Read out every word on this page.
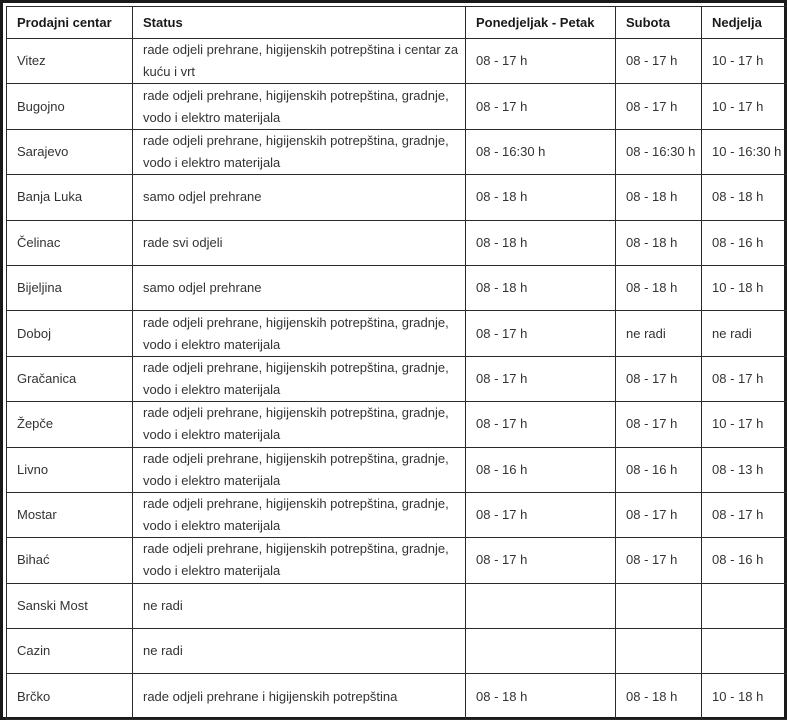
Prodajni centar	Status	Ponedjeljak - Petak	Subota	Nedjelja
Vitez	rade odjeli prehrane, higijenskih potrepština i centar za kuću i vrt	08 - 17 h	08 - 17 h	10 - 17 h
Bugojno	rade odjeli prehrane, higijenskih potrepština, gradnje, vodo i elektro materijala	08 - 17 h	08 - 17 h	10 - 17 h
Sarajevo	rade odjeli prehrane, higijenskih potrepština, gradnje, vodo i elektro materijala	08 - 16:30 h	08 - 16:30 h	10 - 16:30 h
Banja Luka	samo odjel prehrane	08 - 18 h	08 - 18 h	08 - 18 h
Čelinac	rade svi odjeli	08 - 18 h	08 - 18 h	08 - 16 h
Bijeljina	samo odjel prehrane	08 - 18 h	08 - 18 h	10 - 18 h
Doboj	rade odjeli prehrane, higijenskih potrepština, gradnje, vodo i elektro materijala	08 - 17 h	ne radi	ne radi
Gračanica	rade odjeli prehrane, higijenskih potrepština, gradnje, vodo i elektro materijala	08 - 17 h	08 - 17 h	08 - 17 h
Žepče	rade odjeli prehrane, higijenskih potrepština, gradnje, vodo i elektro materijala	08 - 17 h	08 - 17 h	10 - 17 h
Livno	rade odjeli prehrane, higijenskih potrepština, gradnje, vodo i elektro materijala	08 - 16 h	08 - 16 h	08 - 13 h
Mostar	rade odjeli prehrane, higijenskih potrepština, gradnje, vodo i elektro materijala	08 - 17 h	08 - 17 h	08 - 17 h
Bihać	rade odjeli prehrane, higijenskih potrepština, gradnje, vodo i elektro materijala	08 - 17 h	08 - 17 h	08 - 16 h
Sanski Most	ne radi			
Cazin	ne radi			
Brčko	rade odjeli prehrane i higijenskih potrepština	08 - 18 h	08 - 18 h	10 - 18 h
